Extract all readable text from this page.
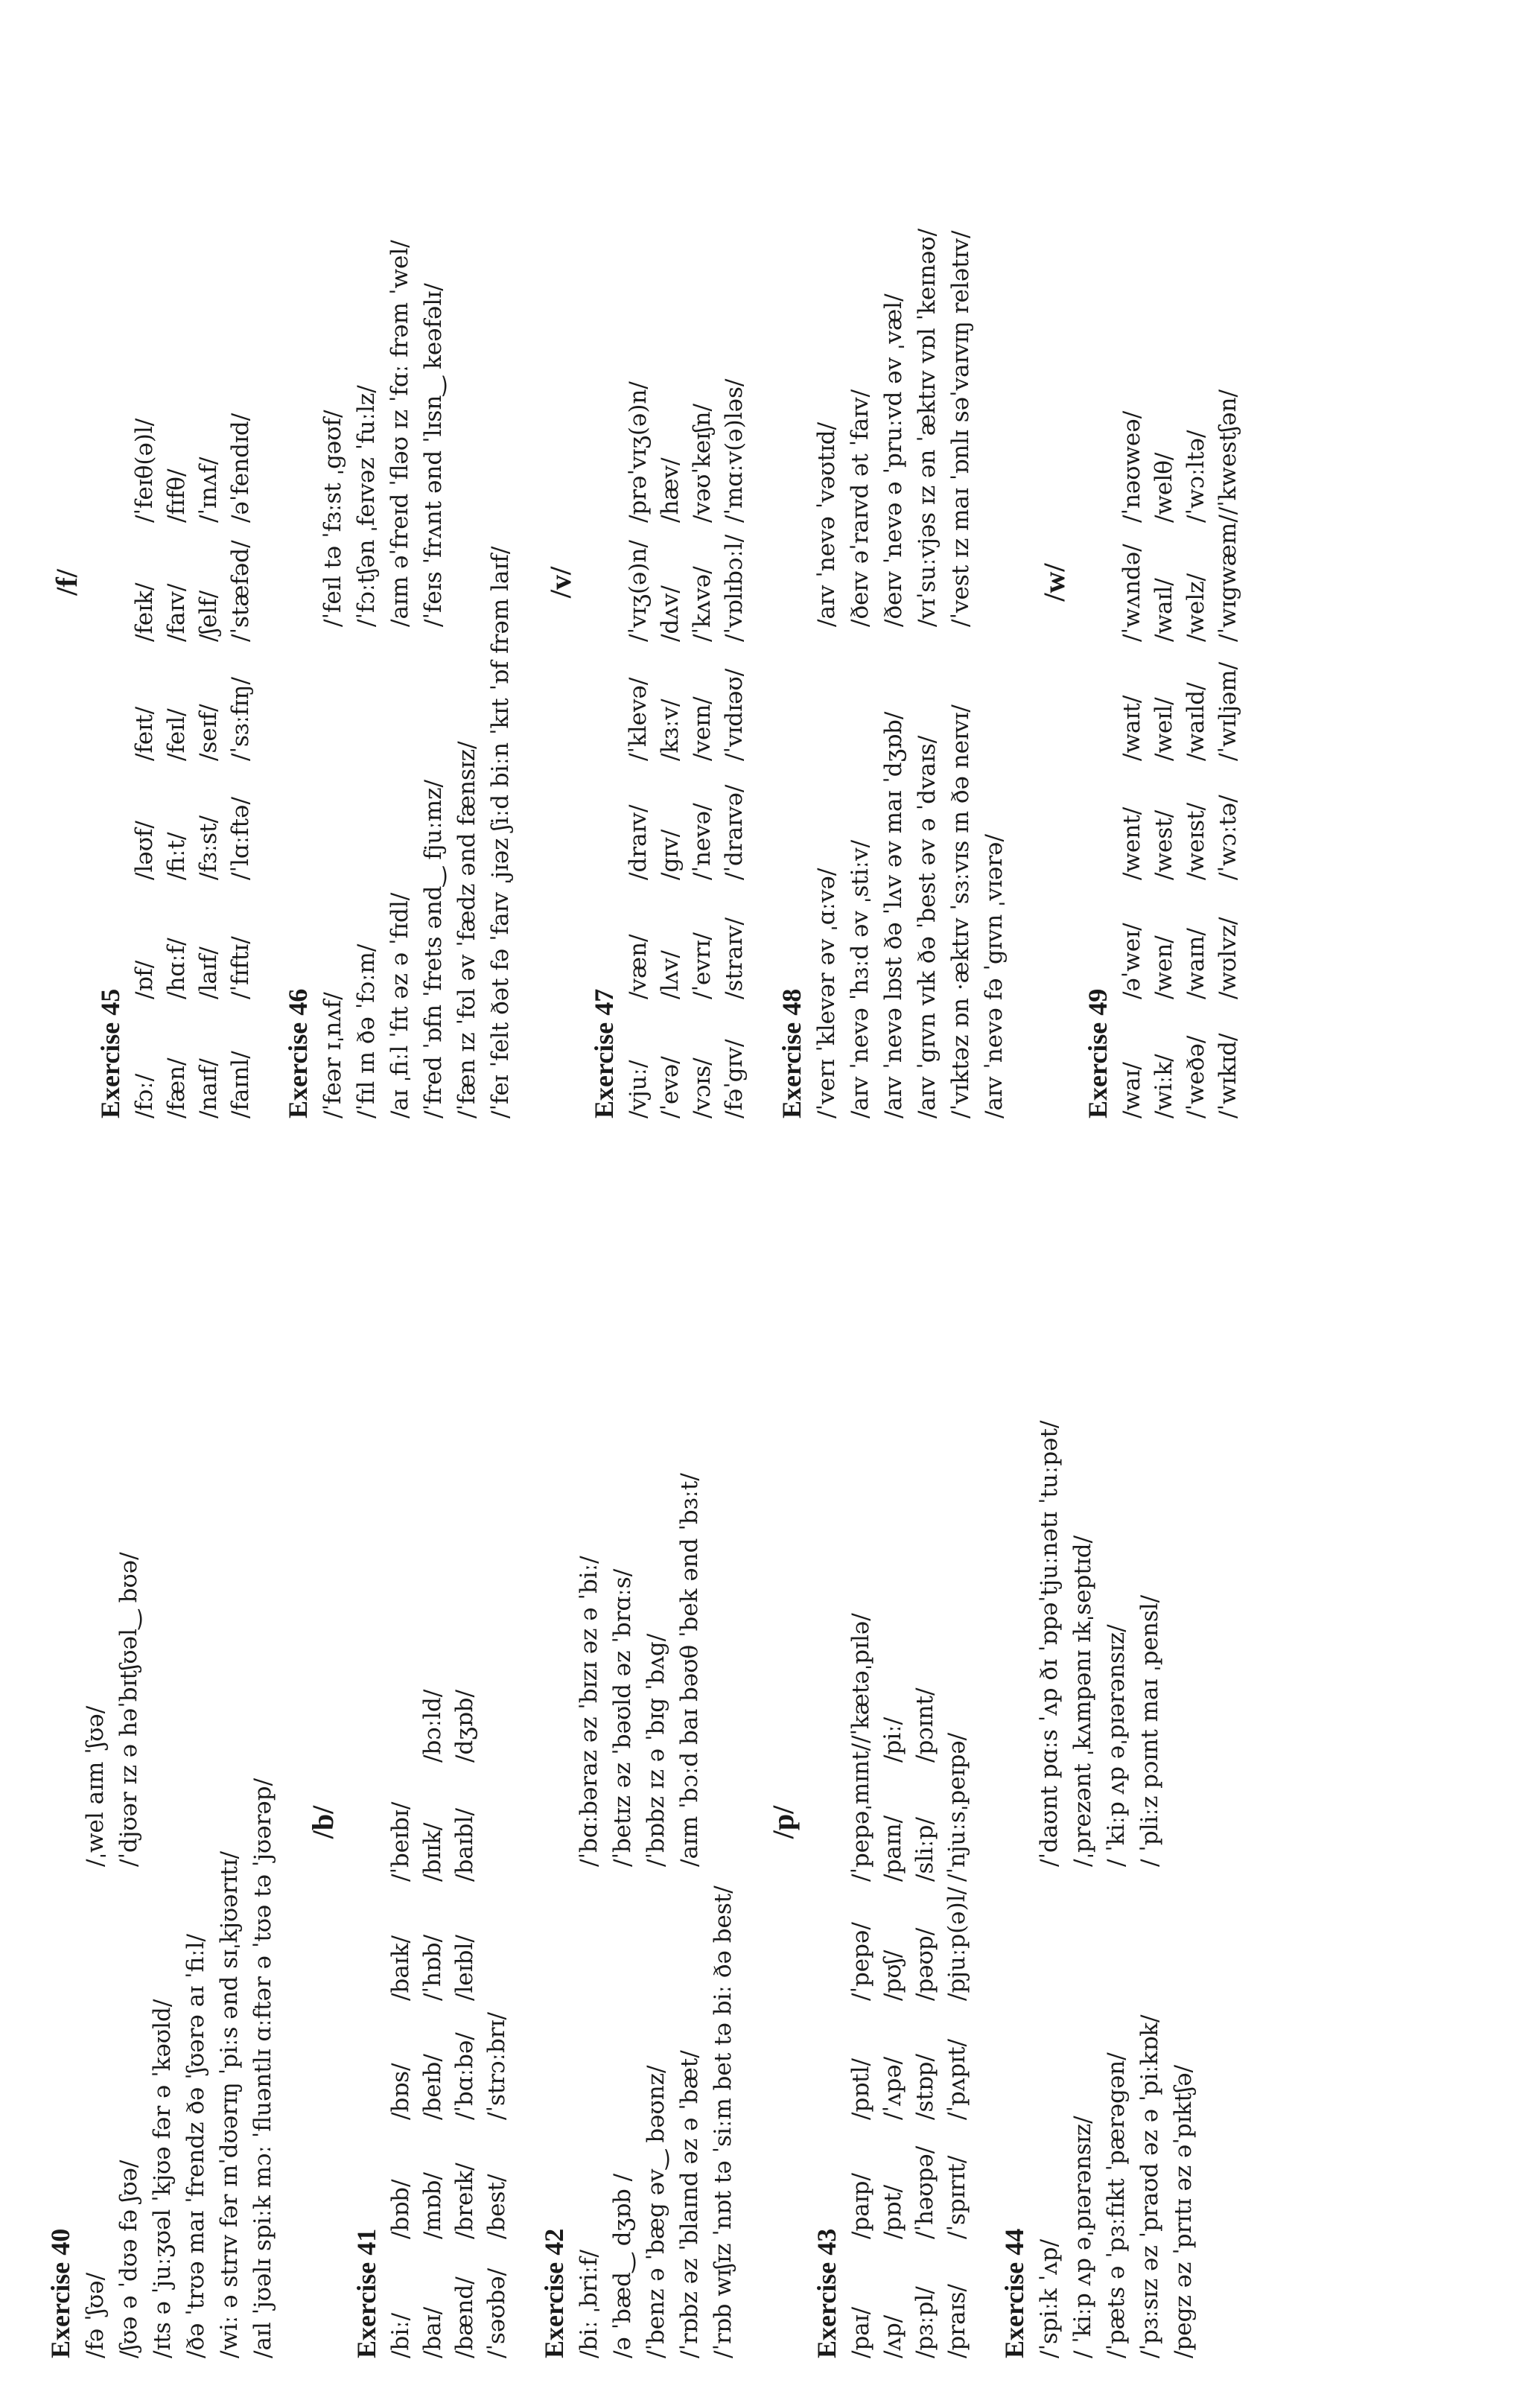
Exercise 40 /fə ˈʃʊə/
/ˌwel aɪm ˈʃʊə/
/ʃʊə ə ˈdʊə fə ʃʊə/
/ˈdjʊər ɪz ə həˈbɪtʃʊəl‿ bʊə/
/ɪts ə ˈjuːʒʊəl ˈkjʊə fər ə ˈkəʊld/ /ðə ˈtrʊə maɪ ˈfrendz ðə ˈʃʊərə aɪ ˈfiːl/ /wiː ə strɪv fər ɪnˈdʊərɪŋ ˈpiːs ənd sɪˌkjʊərɪtɪ/ /aɪl ˈjʊəlɪ spiːk mɔː ˈfluəntlɪ ɑːftər ə ˈtʊə tə ˈjʊərəp/ /b/
Exercise 41 /biː/
/bɒb/
/bɒs/
/baɪk/
/ˈbeɪbɪ/
/baɪ/
/mɒb/
/beɪb/
/ˈhɒb/
/bɪɪk/
/bɔːld/
/bænd/
/breɪk/
/ˈbɑːbə/
/leɪbl/
/baɪbl/
/dʒɒb/
/ˈsəʊbə/
/best/
/ˈstrɔːbrɪ/
Exercise 42 /biː ˌbriːf/
/ˈbɑːbəraz əz ˈbɪzɪ əz ə ˈbiː/
/ə ˈbæd‿ dʒɒb /
/ˈbetɪz əz ˈbəʊld əz ˈbrɑːs/
/ˈbenz ə ˈbæg əv‿ bəʊnz/
/ˈbɒbz ɪz ə ˈbɪg ˈbʌg/
/ˈrɒbz əz ˈblaɪnd əz ə ˈbæt/
/aɪm ˈbɔːd baɪ bəʊθ ˈbek ənd ˈbɜːt/
/ˈrɒb wɪʃɪz ˈnɒt tə ˈsiːm bet tə biː ðə best/
/p/
Exercise 43 /paɪ/
/paɪp/
/pɒtl/
/ˈpepə/
/ˈpepəˌmɪnt/
/ˈkætəˌpɪlə/
/ʌp/
/pɒt/
/ˈʌpə/
/pʊʃ/
/paɪn/
/piː/
/pɜːpl/
/ˈhəʊpə/
/stɒp/
/pəʊp/
/sliːp/
/pɔɪnt/
/praɪs/
/ˈspɪrɪt/
/ˈpʌpɪt/
/pjuːp(ə)l/
/ˈnjuːsˌpeɪpə/
Exercise 44 /ˈspiːk ˈʌp/
/ˈdaʊnt pɑːs ˈʌp ðɪ ˈɒpəˈtjuːnətɪ ˈtuːpət/
/ ˈkiːp ʌp əˌpɪərənsɪz/
/ˌprezənt ˌkʌmpənɪ ɪkˌseptɪd/
/ˈpæts ə ˈpɜːfɪkt ˈpærəgən/
/ ˈkiːp ʌp əˌpɪərənsɪz/
/ˈpɜːsɪz əz ˈpraʊd əz ə ˈpiːkɒk/
/ ˈpliːz pɔɪnt maɪ ˌpensl/
/pegz əz ˈprɪtɪ əz əˈpɪktʃə/
/f/
Exercise 45 /fɔː/
/ɒf/
/ləʊf/
/feɪt/
/feɪk/
/ˈfeɪθ(ə)l/
/fæn/
/hɑːf/
/fiːt/
/feɪl/
/faɪv/
/fɪfθ/
/naɪf/
/laɪf/
/fɜːst/
/seɪf/
/ʃelf/
/ˈɪnʌf/
/faɪnl/
/ˈfɪftɪ/
/ˈlɑːftə/
/ˈsɜːfɪŋ/
/ˈstæfəd/
/əˈfendɪd/
Exercise 46 /ˈfeər ɪˌnʌf/
/ˈfeɪl tə ˈfɜːst ˌgəʊf/
/ˈfɪl ɪn ðə ˈfɔːm/
/ˈfɔːtʃən ˌfeɪvəz ˈfuːlz/
/aɪ ˌfiːl ˈfɪt əz ə ˈfɪdl/
/aɪm əˈfreɪd ˈfləʊ ɪz ˈfɑː frəm ˈwel/
/ˈfred ˈɒfn ˈfrets ənd‿ fjuːmz/
/ˈfeɪs ˈfrʌnt ənd ˈlɪsn‿ keəfəlɪ/
/ˈfæn ɪz ˈfʊl əv ˈfædz ənd fænsɪz/ /ˈfeɪ ˈfelt ðət fə ˈfaɪv ˌjɪəz ʃiːd biːn ˈkɪt ˈɒf frəm laɪf/ /v/
Exercise 47 /vjuː/
/væn/
/draɪv/
/ˈklevə/
/ˈvɪʒ(ə)n/
/prəˈvɪʒ(ə)n/
/ˈevə/
/lʌv/
/gɪv/
/kɜːv/
/dʌv/
/hæv/
/vɔɪs/
/ˈevrɪ/
/ˈnevə/
/veɪn/
/ˈkʌvə/
/vəʊˈkeɪʃn/
/fəˈgɪv/
/straɪv/
/ˈdraɪvə/
/ˈvɪdɪəʊ/
/ˈvɒlɪbɔːl/
/ˈmɑːv(ə)ləs/
Exercise 48 /ˈverɪ ˈklevər əv ˌɑːvə/
/aɪv ˈnevə ˈvəʊtɪd/
/aɪv ˈnevə ˈhɜːd əv ˌstiːv/
/ðeɪv əˈraɪvd ət ˈfaɪv/
/aɪv ˈnevə lɒst ðə ˈlʌv əv maɪ ˈdʒɒb/
/ðeɪv ˈnevə ə ˈpruːvd əv ˌvæl/
/aɪv ˈgɪvn vɪk ðə ˈbest əv ə ˈdvaɪs/
/vɪˈsuːvjəs ɪz ən ˈæktɪv vɒl ˈkeɪnəʊ/
/ˈvɪktəz ɒn ·æktɪv ˈsɜːvɪs ɪn ðə neɪvɪ/
/ˈvest ɪz maɪ ˈɒnlɪ səˈvaɪvɪŋ relətɪv/
/aɪv ˈnevə fə ˈgɪvn ˌvɪərə/
/w/
Exercise 49 /waɪ/
/əˈweɪ/
/went/
/waɪt/
/ˈwʌndə/
/ˈnəʊweə/
/wiːk/
/wen/
/west/
/weɪl/
/waɪl/
/welθ/
/ˈweðə/
/waɪn/
/weɪst/
/waɪld/
/welz/
/ˈwɔːltə/
/ˈwɪkɪd/
/wʊlvz/
/ˈwɔːtə/
/ˈwɪljəm/
/ˈwɪgwæm/
/ˈkwestʃən/
